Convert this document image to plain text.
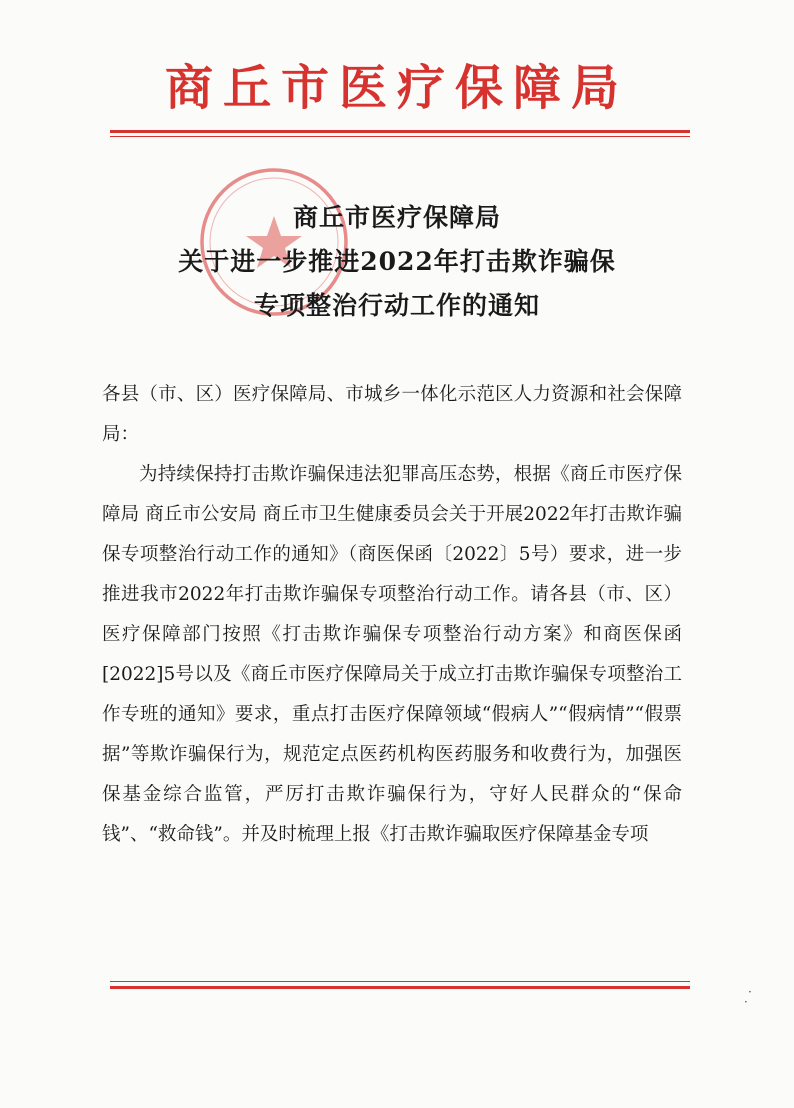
商丘市医疗保障局
商丘市医疗保障局
关于进一步推进2022年打击欺诈骗保
专项整治行动工作的通知

各县（市、区）医疗保障局、市城乡一体化示范区人力资源和社会保障局：

为持续保持打击欺诈骗保违法犯罪高压态势，根据《商丘市医疗保障局 商丘市公安局 商丘市卫生健康委员会关于开展2022年打击欺诈骗保专项整治行动工作的通知》（商医保函〔2022〕5号）要求，进一步推进我市2022年打击欺诈骗保专项整治行动工作。请各县（市、区）医疗保障部门按照《打击欺诈骗保专项整治行动方案》和商医保函[2022]5号以及《商丘市医疗保障局关于成立打击欺诈骗保专项整治工作专班的通知》要求，重点打击医疗保障领域“假病人”“假病情”“假票据”等欺诈骗保行为，规范定点医药机构医药服务和收费行为，加强医保基金综合监管，严厉打击欺诈骗保行为，守好人民群众的“保命钱”、“救命钱”。并及时梳理上报《打击欺诈骗取医疗保障基金专项

·
·
